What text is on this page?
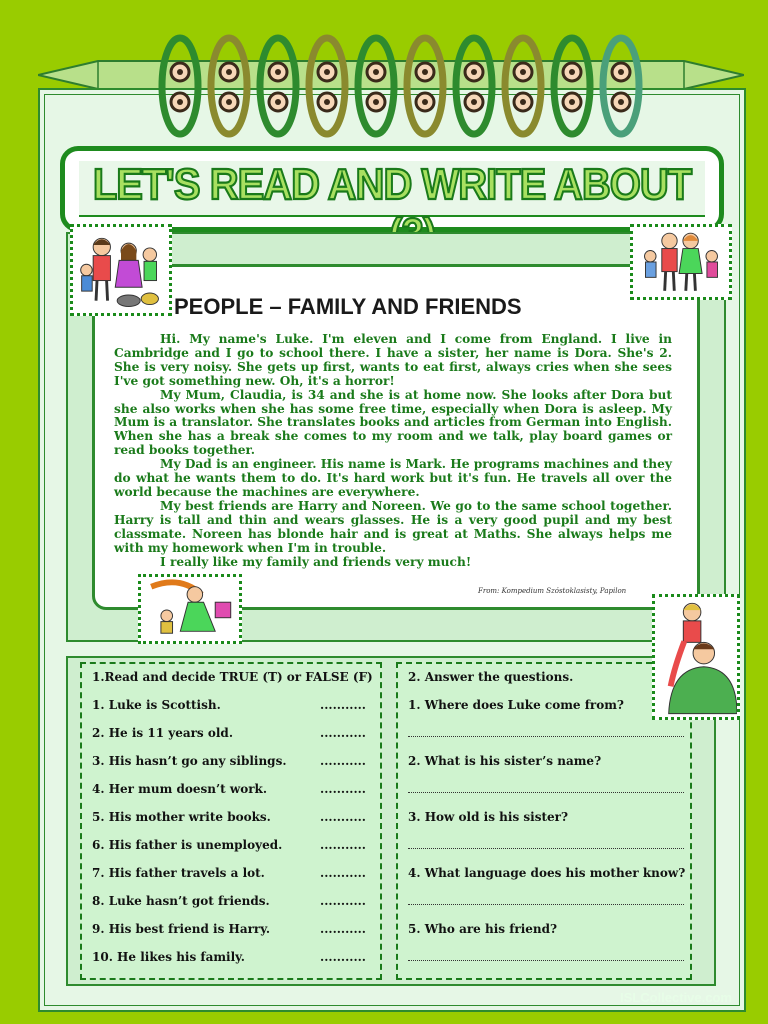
LET'S READ AND WRITE ABOUT
PEOPLE – FAMILY AND FRIENDS

Hi. My name's Luke. I'm eleven and I come from England. I live in Cambridge and I go to school there. I have a sister, her name is Dora. She's 2. She is very noisy. She gets up first, wants to eat first, always cries when she sees I've got something new. Oh, it's a horror!

My Mum, Claudia, is 34 and she is at home now. She looks after Dora but she also works when she has some free time, especially when Dora is asleep. My Mum is a translator. She translates books and articles from German into English. When she has a break she comes to my room and we talk, play board games or read books together.

My Dad is an engineer. His name is Mark. He programs machines and they do what he wants them to do. It's hard work but it's fun. He travels all over the world because the machines are everywhere.

My best friends are Harry and Noreen. We go to the same school together. Harry is tall and thin and wears glasses. He is a very good pupil and my best classmate. Noreen has blonde hair and is great at Maths. She always helps me with my homework when I'm in trouble.

I really like my family and friends very much!

From: Kompedium Szóstoklasisty, Papilon
1.Read and decide TRUE (T) or FALSE (F)
1. Luke is Scottish.	...........
2. He is 11 years old.	...........
3. His hasn’t go any siblings.	...........
4. Her mum doesn’t work.	...........
5. His mother write books.	...........
6. His father is unemployed.	...........
7. His father travels a lot.	...........
8. Luke hasn’t got friends.	...........
9. His best friend is Harry.	...........
10. He likes his family.	...........
2. Answer the questions.
1. Where does Luke come from?
2. What is his sister’s name?
3. How old is his sister?
4. What language does his mother know?
5. Who are his friend?
ISLCollective.com
